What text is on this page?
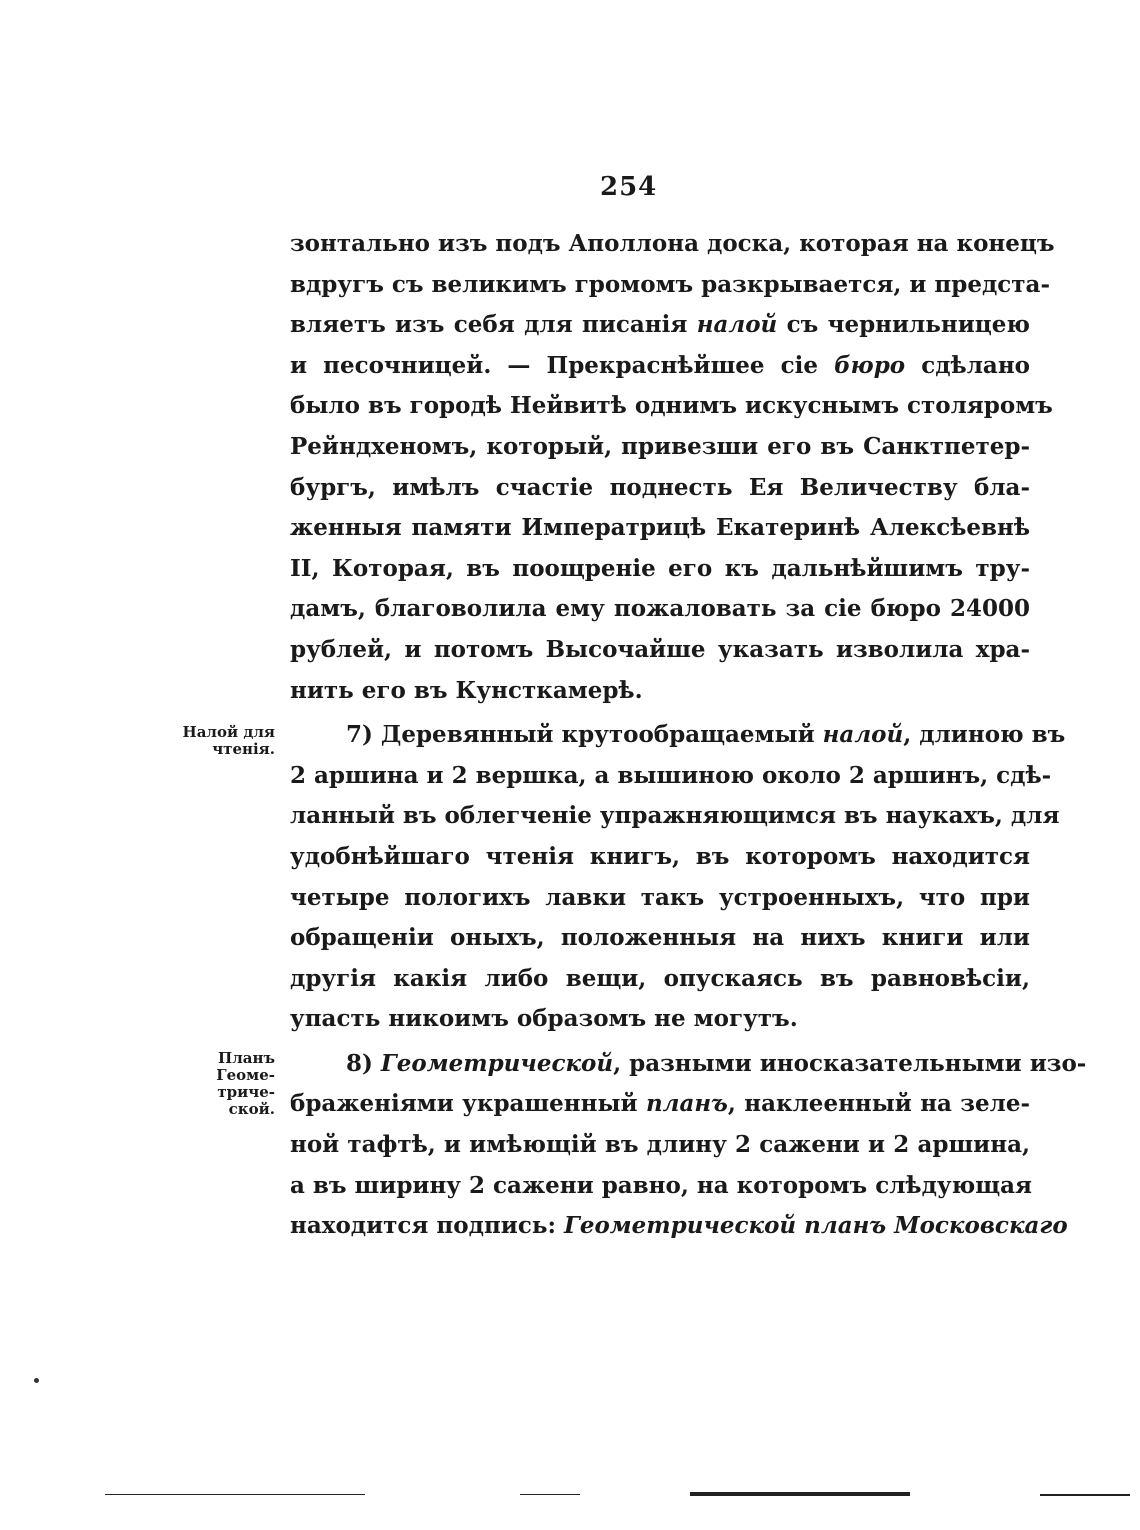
254
зонтально изъ подъ Аполлона доска, которая на конецъ
вдругъ съ великимъ громомъ разкрывается, и предста-
вляетъ изъ себя для писанія налой съ чернильницею
и песочницей. — Прекраснѣйшее сіе бюро сдѣлано
было въ городѣ Нейвитѣ однимъ искуснымъ столяромъ
Рейндхеномъ, который, привезши его въ Санктпетер-
бургъ, имѣлъ счастіе поднесть Ея Величеству бла-
женныя памяти Императрицѣ Екатеринѣ Алексѣевнѣ
II, Которая, въ поощреніе его къ дальнѣйшимъ тру-
дамъ, благоволила ему пожаловать за сіе бюро 24000
рублей, и потомъ Высочайше указать изволила хра-
нить его въ Кунсткамерѣ.
7) Деревянный крутообращаемый налой, длиною въ
2 аршина и 2 вершка, а вышиною около 2 аршинъ, сдѣ-
ланный въ облегченіе упражняющимся въ наукахъ, для
удобнѣйшаго чтенія книгъ, въ которомъ находится
четыре пологихъ лавки такъ устроенныхъ, что при
обращеніи оныхъ, положенныя на нихъ книги или
другія какія либо вещи, опускаясь въ равновѣсіи,
упасть никоимъ образомъ не могутъ.
8) Геометрической, разными иносказательными изо-
браженіями украшенный планъ, наклеенный на зеле-
ной тафтѣ, и имѣющій въ длину 2 сажени и 2 аршина,
а въ ширину 2 сажени равно, на которомъ слѣдующая
находится подпись: Геометрической планъ Московскаго
Налой для
чтенія.
Планъ
Геоме-
триче-
ской.
